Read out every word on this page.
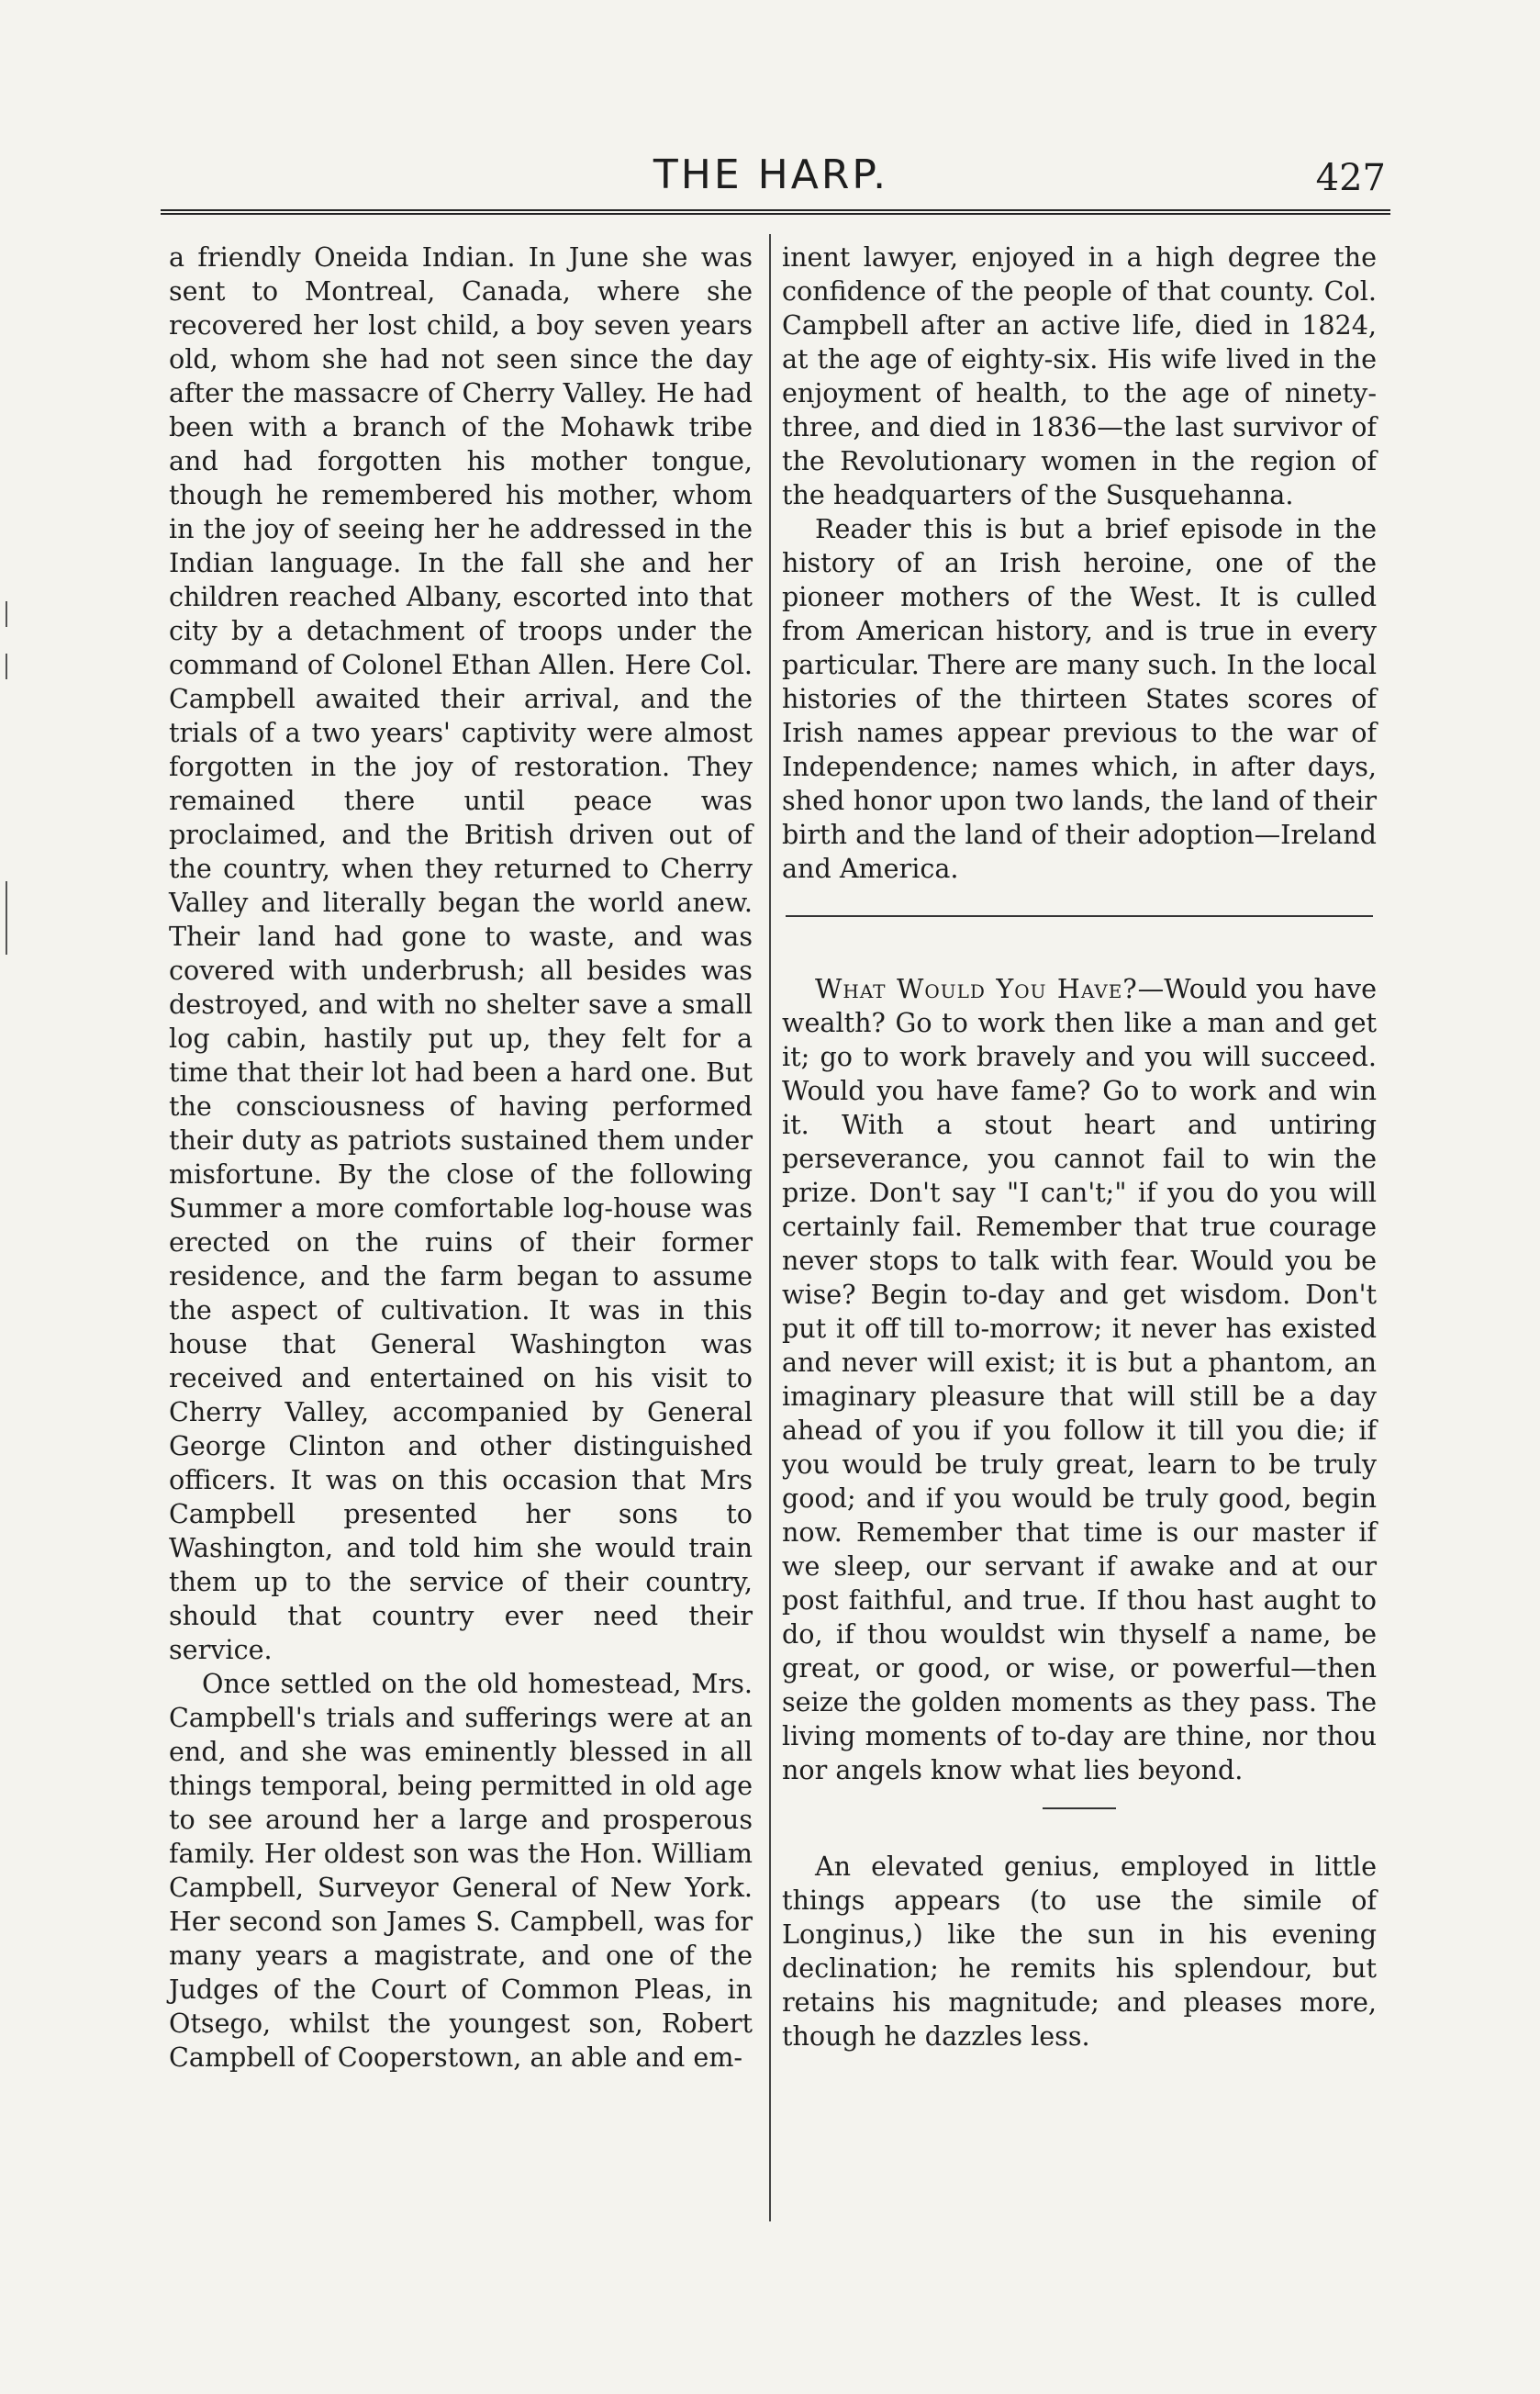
THE HARP.	427

a friendly Oneida Indian. In June she was sent to Montreal, Canada, where she recovered her lost child, a boy seven years old, whom she had not seen since the day after the massacre of Cherry Valley. He had been with a branch of the Mohawk tribe and had forgotten his mother tongue, though he remembered his mother, whom in the joy of seeing her he addressed in the Indian language. In the fall she and her children reached Albany, escorted into that city by a detachment of troops under the command of Colonel Ethan Allen. Here Col. Campbell awaited their arrival, and the trials of a two years' captivity were almost forgotten in the joy of restoration. They remained there until peace was proclaimed, and the British driven out of the country, when they returned to Cherry Valley and literally began the world anew. Their land had gone to waste, and was covered with underbrush; all besides was destroyed, and with no shelter save a small log cabin, hastily put up, they felt for a time that their lot had been a hard one. But the consciousness of having performed their duty as patriots sustained them under misfortune. By the close of the following Summer a more comfortable log-house was erected on the ruins of their former residence, and the farm began to assume the aspect of cultivation. It was in this house that General Washington was received and entertained on his visit to Cherry Valley, accompanied by General George Clinton and other distinguished officers. It was on this occasion that Mrs Campbell presented her sons to Washington, and told him she would train them up to the service of their country, should that country ever need their service.

Once settled on the old homestead, Mrs. Campbell's trials and sufferings were at an end, and she was eminently blessed in all things temporal, being permitted in old age to see around her a large and prosperous family. Her oldest son was the Hon. William Campbell, Surveyor General of New York. Her second son James S. Campbell, was for many years a magistrate, and one of the Judges of the Court of Common Pleas, in Otsego, whilst the youngest son, Robert Campbell of Cooperstown, an able and em-

inent lawyer, enjoyed in a high degree the confidence of the people of that county. Col. Campbell after an active life, died in 1824, at the age of eighty-six. His wife lived in the enjoyment of health, to the age of ninety-three, and died in 1836—the last survivor of the Revolutionary women in the region of the headquarters of the Susquehanna.

Reader this is but a brief episode in the history of an Irish heroine, one of the pioneer mothers of the West. It is culled from American history, and is true in every particular. There are many such. In the local histories of the thirteen States scores of Irish names appear previous to the war of Independence; names which, in after days, shed honor upon two lands, the land of their birth and the land of their adoption—Ireland and America.

What Would You Have?—Would you have wealth? Go to work then like a man and get it; go to work bravely and you will succeed. Would you have fame? Go to work and win it. With a stout heart and untiring perseverance, you cannot fail to win the prize. Don't say "I can't;" if you do you will certainly fail. Remember that true courage never stops to talk with fear. Would you be wise? Begin to-day and get wisdom. Don't put it off till to-morrow; it never has existed and never will exist; it is but a phantom, an imaginary pleasure that will still be a day ahead of you if you follow it till you die; if you would be truly great, learn to be truly good; and if you would be truly good, begin now. Remember that time is our master if we sleep, our servant if awake and at our post faithful, and true. If thou hast aught to do, if thou wouldst win thyself a name, be great, or good, or wise, or powerful—then seize the golden moments as they pass. The living moments of to-day are thine, nor thou nor angels know what lies beyond.

An elevated genius, employed in little things appears (to use the simile of Longinus,) like the sun in his evening declination; he remits his splendour, but retains his magnitude; and pleases more, though he dazzles less.
